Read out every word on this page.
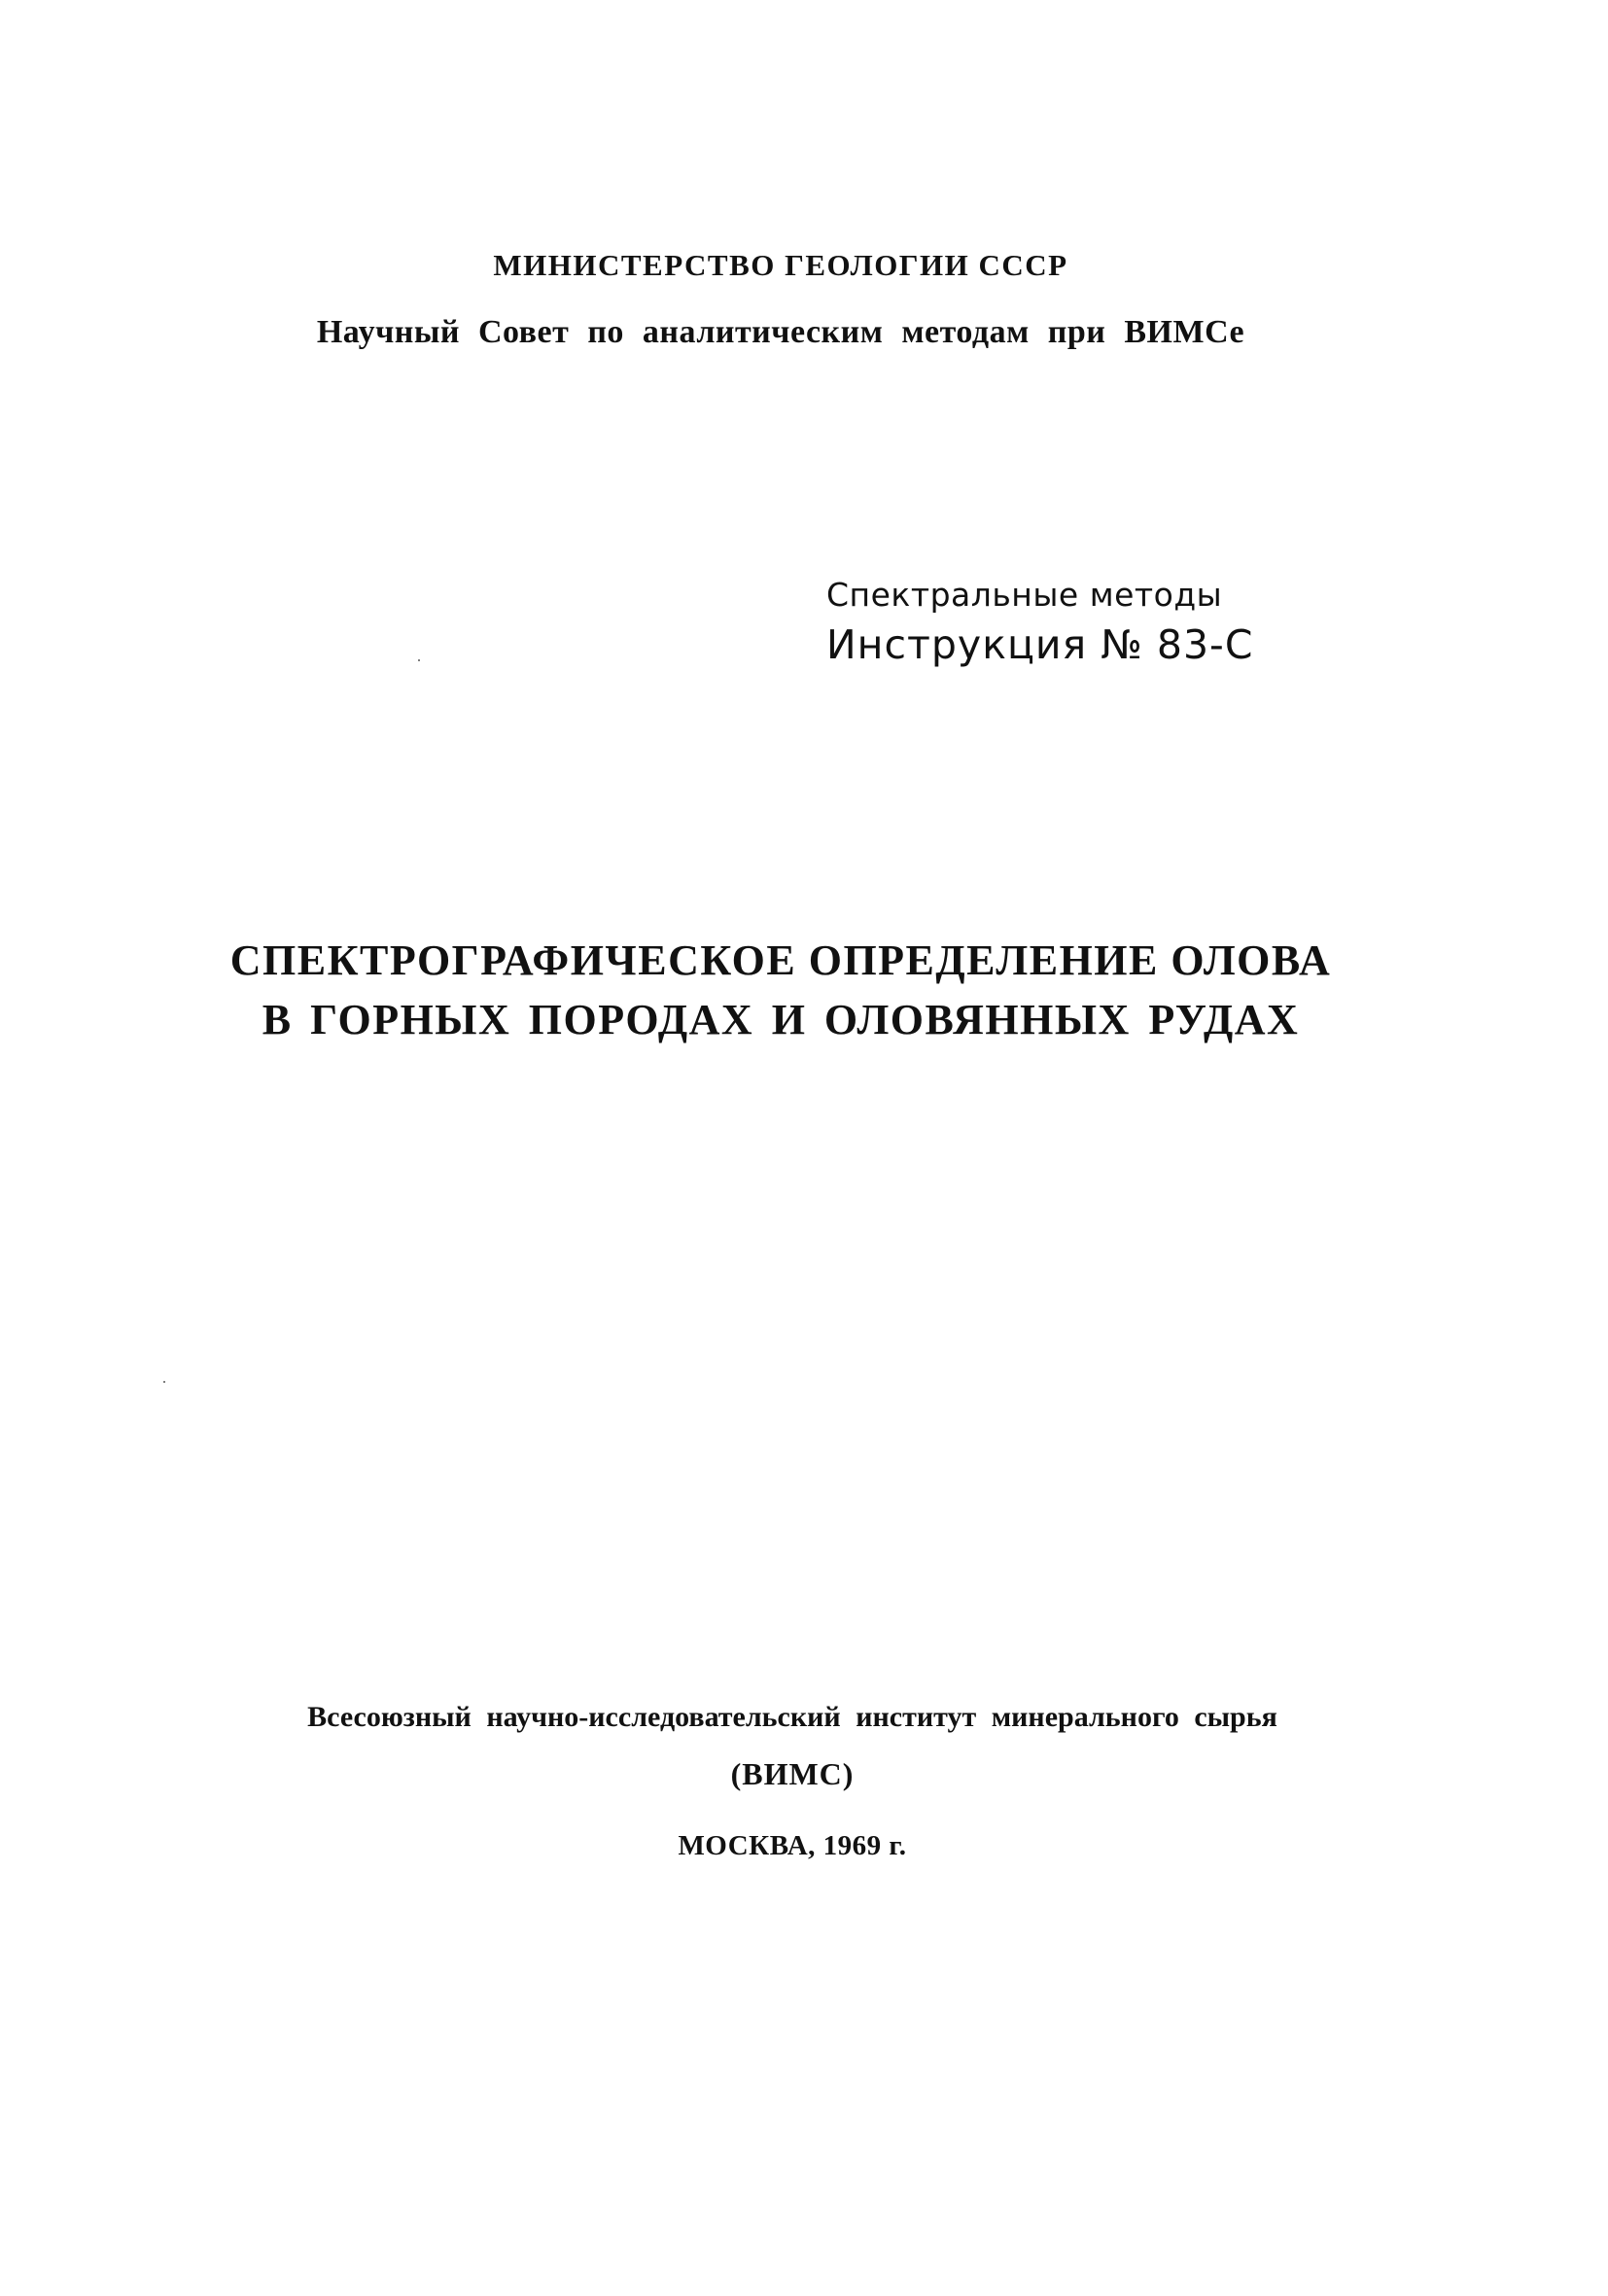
МИНИСТЕРСТВО ГЕОЛОГИИ СССР
Научный Совет по аналитическим методам при ВИМСе
Спектральные методы
Инструкция № 83-С
СПЕКТРОГРАФИЧЕСКОЕ ОПРЕДЕЛЕНИЕ ОЛОВА
В ГОРНЫХ ПОРОДАХ И ОЛОВЯННЫХ РУДАХ
Всесоюзный научно-исследовательский институт минерального сырья
(ВИМС)
МОСКВА, 1969 г.
